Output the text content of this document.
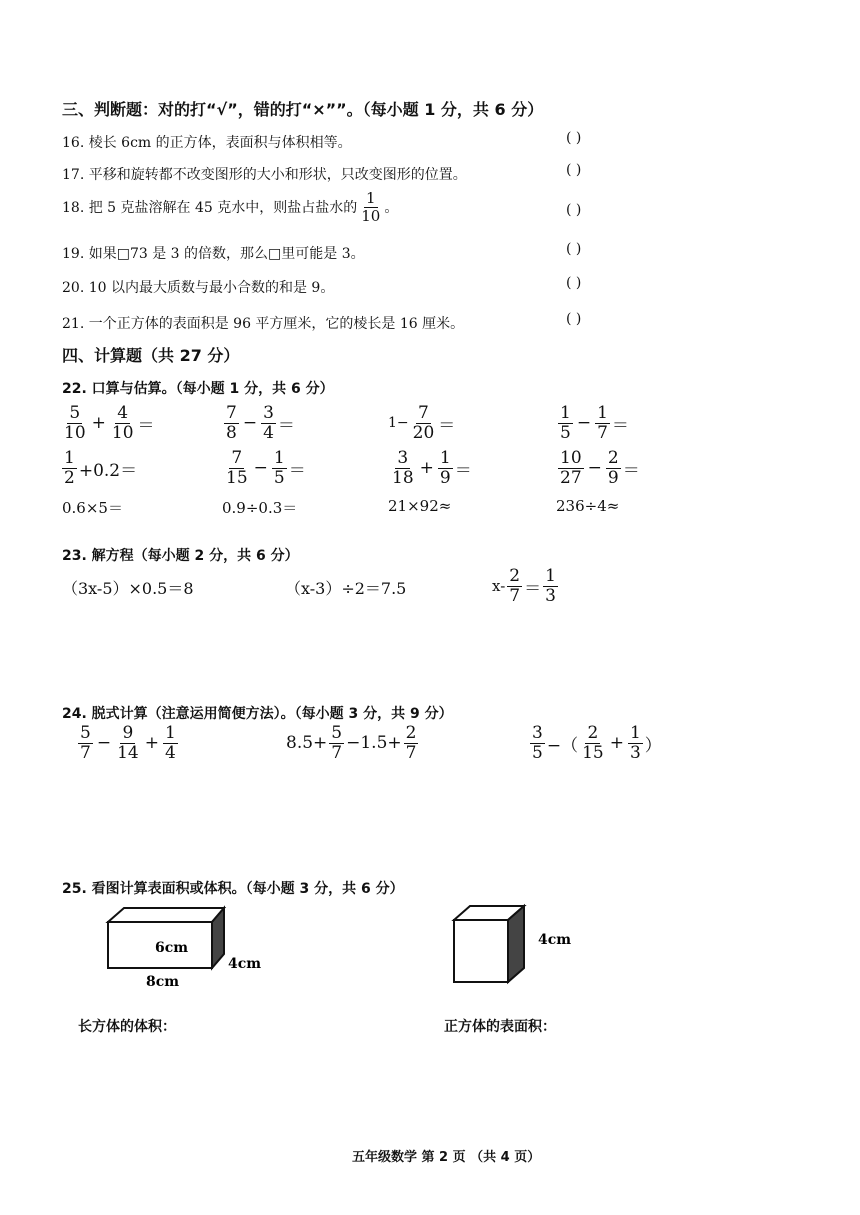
三、判断题：对的打“√”，错的打“×””。（每小题 1 分，共 6 分）
16. 棱长 6cm 的正方体，表面积与体积相等。	( )
17. 平移和旋转都不改变图形的大小和形状，只改变图形的位置。	( )
18. 把 5 克盐溶解在 45 克水中，则盐占盐水的 $\frac{1}{10}$ 。	( )
19. 如果□73 是 3 的倍数，那么□里可能是 3。	( )
20. 10 以内最大质数与最小合数的和是 9。	( )
21. 一个正方体的表面积是 96 平方厘米，它的棱长是 16 厘米。	( )
四、计算题（共 27 分）
22. 口算与估算。（每小题 1 分，共 6 分）
$\frac{5}{10} + \frac{4}{10}$ ＝	$\frac{7}{8} - \frac{3}{4}$ ＝	$1- \frac{7}{20}$ ＝	$\frac{1}{5} - \frac{1}{7}$ ＝
$\frac{1}{2} +0.2=$	$\frac{7}{15} - \frac{1}{5}$ ＝	$\frac{3}{18} + \frac{1}{9}$ ＝	$\frac{10}{27} - \frac{2}{9}$ ＝
0.6×5＝	0.9÷0.3＝	21×92≈	236÷4≈
23. 解方程（每小题 2 分，共 6 分）
（3x-5）×0.5＝8	（x-3）÷2＝7.5	$x- \frac{2}{7} = \frac{1}{3}$
24. 脱式计算（注意运用简便方法）。（每小题 3 分，共 9 分）
$\frac{5}{7} - \frac{9}{14} + \frac{1}{4}$	$8.5+ \frac{5}{7} -1.5+ \frac{2}{7}$	$\frac{3}{5}$ −（ $\frac{2}{15} + \frac{1}{3}$ ）
25. 看图计算表面积或体积。（每小题 3 分，共 6 分）
6cm
4cm
8cm
长方体的体积：
4cm
正方体的表面积：
五年级数学 第 2 页 （共 4 页）
